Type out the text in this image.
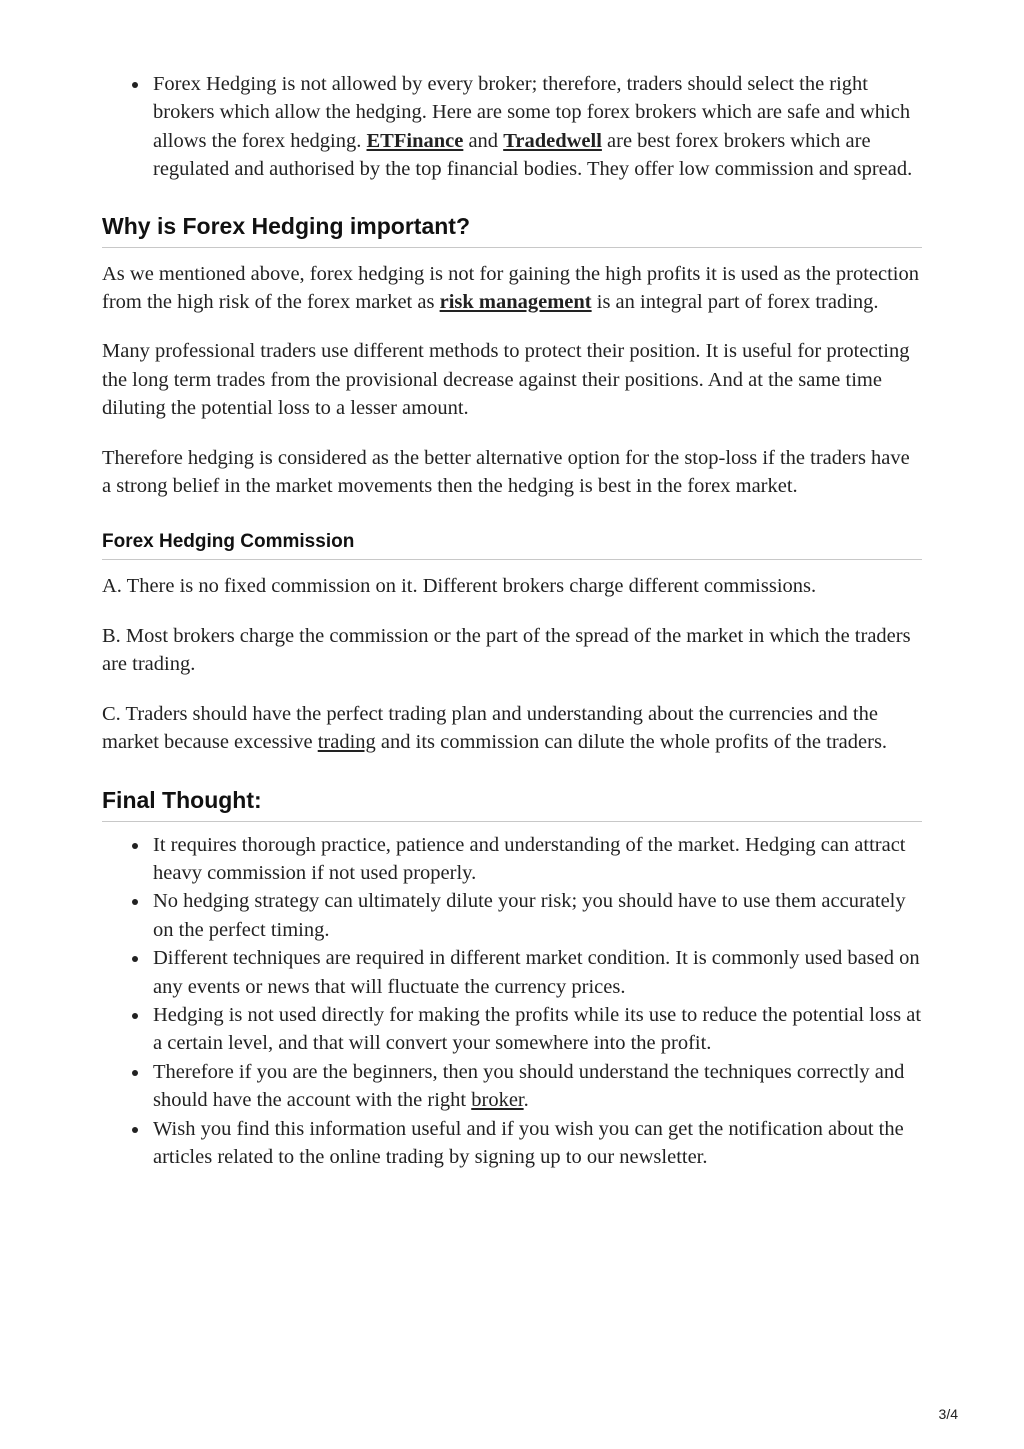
Forex Hedging is not allowed by every broker; therefore, traders should select the right brokers which allow the hedging. Here are some top forex brokers which are safe and which allows the forex hedging. ETFinance and Tradedwell are best forex brokers which are regulated and authorised by the top financial bodies. They offer low commission and spread.
Why is Forex Hedging important?

As we mentioned above, forex hedging is not for gaining the high profits it is used as the protection from the high risk of the forex market as risk management is an integral part of forex trading.

Many professional traders use different methods to protect their position. It is useful for protecting the long term trades from the provisional decrease against their positions. And at the same time diluting the potential loss to a lesser amount.

Therefore hedging is considered as the better alternative option for the stop-loss if the traders have a strong belief in the market movements then the hedging is best in the forex market.

Forex Hedging Commission

A. There is no fixed commission on it. Different brokers charge different commissions.

B. Most brokers charge the commission or the part of the spread of the market in which the traders are trading.

C. Traders should have the perfect trading plan and understanding about the currencies and the market because excessive trading and its commission can dilute the whole profits of the traders.

Final Thought:
It requires thorough practice, patience and understanding of the market. Hedging can attract heavy commission if not used properly.
No hedging strategy can ultimately dilute your risk; you should have to use them accurately on the perfect timing.
Different techniques are required in different market condition. It is commonly used based on any events or news that will fluctuate the currency prices.
Hedging is not used directly for making the profits while its use to reduce the potential loss at a certain level, and that will convert your somewhere into the profit.
Therefore if you are the beginners, then you should understand the techniques correctly and should have the account with the right broker.
Wish you find this information useful and if you wish you can get the notification about the articles related to the online trading by signing up to our newsletter.
3/4
